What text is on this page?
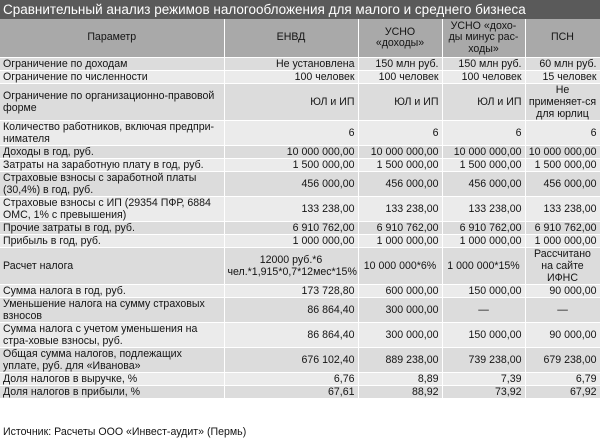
Сравнительный анализ режимов налогообложения для малого и среднего бизнеса
Параметр	ЕНВД	УСНО «доходы»	УСНО «дохо-ды минус рас-ходы»	ПСН
Ограничение по доходам	Не установлена	150 млн руб.	150 млн руб.	60 млн руб.
Ограничение по численности	100 человек	100 человек	100 человек	15 человек
Ограничение по организационно-правовой форме	ЮЛ и ИП	ЮЛ и ИП	ЮЛ и ИП	Не применяет-ся для юрлиц
Количество работников, включая предпри-нимателя	6	6	6	6
Доходы в год, руб.	10 000 000,00	10 000 000,00	10 000 000,00	10 000 000,00
Затраты на заработную плату в год, руб.	1 500 000,00	1 500 000,00	1 500 000,00	1 500 000,00
Страховые взносы с заработной платы (30,4%) в год, руб.	456 000,00	456 000,00	456 000,00	456 000,00
Страховые взносы с ИП (29354 ПФР, 6884 ОМС, 1% с превышения)	133 238,00	133 238,00	133 238,00	133 238,00
Прочие затраты в год, руб.	6 910 762,00	6 910 762,00	6 910 762,00	6 910 762,00
Прибыль в год, руб.	1 000 000,00	1 000 000,00	1 000 000,00	1 000 000,00
Расчет налога	12000 руб.*6 чел.*1,915*0,7*12мес*15%	10 000 000*6%	1 000 000*15%	Рассчитано на сайте ИФНС
Сумма налога в год, руб.	173 728,80	600 000,00	150 000,00	90 000,00
Уменьшение налога на сумму страховых взносов	86 864,40	300 000,00	—	—
Сумма налога с учетом уменьшения на стра-ховые взносы, руб.	86 864,40	300 000,00	150 000,00	90 000,00
Общая сумма налогов, подлежащих уплате, руб. для «Иванова»	676 102,40	889 238,00	739 238,00	679 238,00
Доля налогов в выручке, %	6,76	8,89	7,39	6,79
Доля налогов в прибыли, %	67,61	88,92	73,92	67,92
Источник: Расчеты ООО «Инвест-аудит» (Пермь)
